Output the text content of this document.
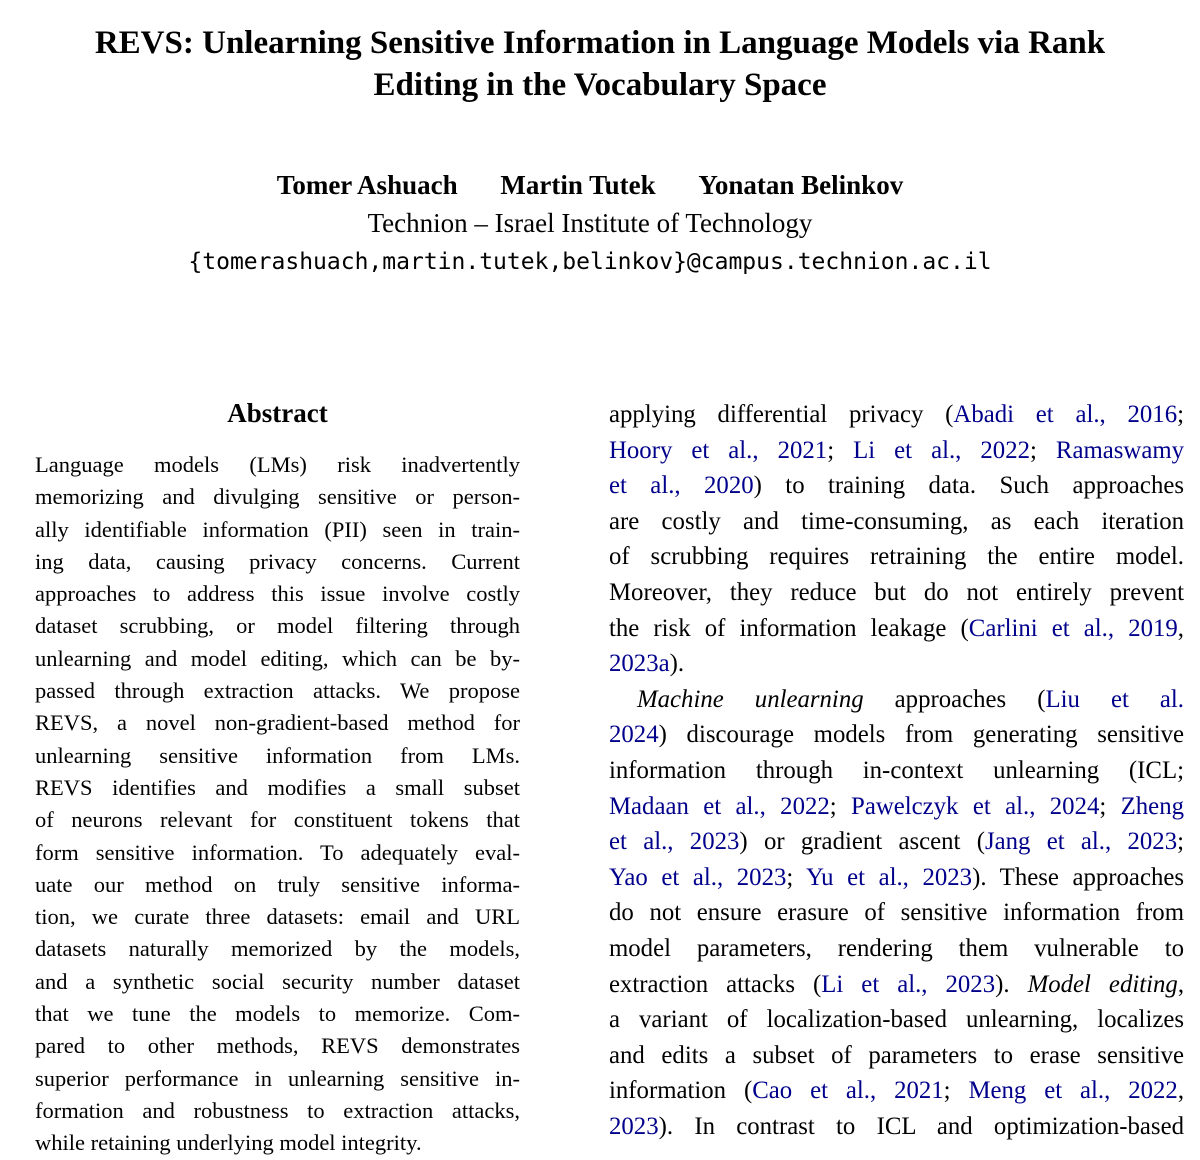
REVS: Unlearning Sensitive Information in Language Models via Rank
Editing in the Vocabulary Space
Tomer Ashuach Martin Tutek Yonatan Belinkov
Technion – Israel Institute of Technology
{tomerashuach,martin.tutek,belinkov}@campus.technion.ac.il
Abstract
Language models (LMs) risk inadvertently
memorizing and divulging sensitive or person-
ally identifiable information (PII) seen in train-
ing data, causing privacy concerns. Current
approaches to address this issue involve costly
dataset scrubbing, or model filtering through
unlearning and model editing, which can be by-
passed through extraction attacks. We propose
REVS, a novel non-gradient-based method for
unlearning sensitive information from LMs.
REVS identifies and modifies a small subset
of neurons relevant for constituent tokens that
form sensitive information. To adequately eval-
uate our method on truly sensitive informa-
tion, we curate three datasets: email and URL
datasets naturally memorized by the models,
and a synthetic social security number dataset
that we tune the models to memorize. Com-
pared to other methods, REVS demonstrates
superior performance in unlearning sensitive in-
formation and robustness to extraction attacks,
while retaining underlying model integrity.
applying differential privacy (Abadi et al., 2016;
Hoory et al., 2021; Li et al., 2022; Ramaswamy
et al., 2020) to training data. Such approaches
are costly and time-consuming, as each iteration
of scrubbing requires retraining the entire model.
Moreover, they reduce but do not entirely prevent
the risk of information leakage (Carlini et al., 2019,
2023a).
Machine unlearning approaches (Liu et al.
2024) discourage models from generating sensitive
information through in-context unlearning (ICL;
Madaan et al., 2022; Pawelczyk et al., 2024; Zheng
et al., 2023) or gradient ascent (Jang et al., 2023;
Yao et al., 2023; Yu et al., 2023). These approaches
do not ensure erasure of sensitive information from
model parameters, rendering them vulnerable to
extraction attacks (Li et al., 2023). Model editing,
a variant of localization-based unlearning, localizes
and edits a subset of parameters to erase sensitive
information (Cao et al., 2021; Meng et al., 2022,
2023). In contrast to ICL and optimization-based
